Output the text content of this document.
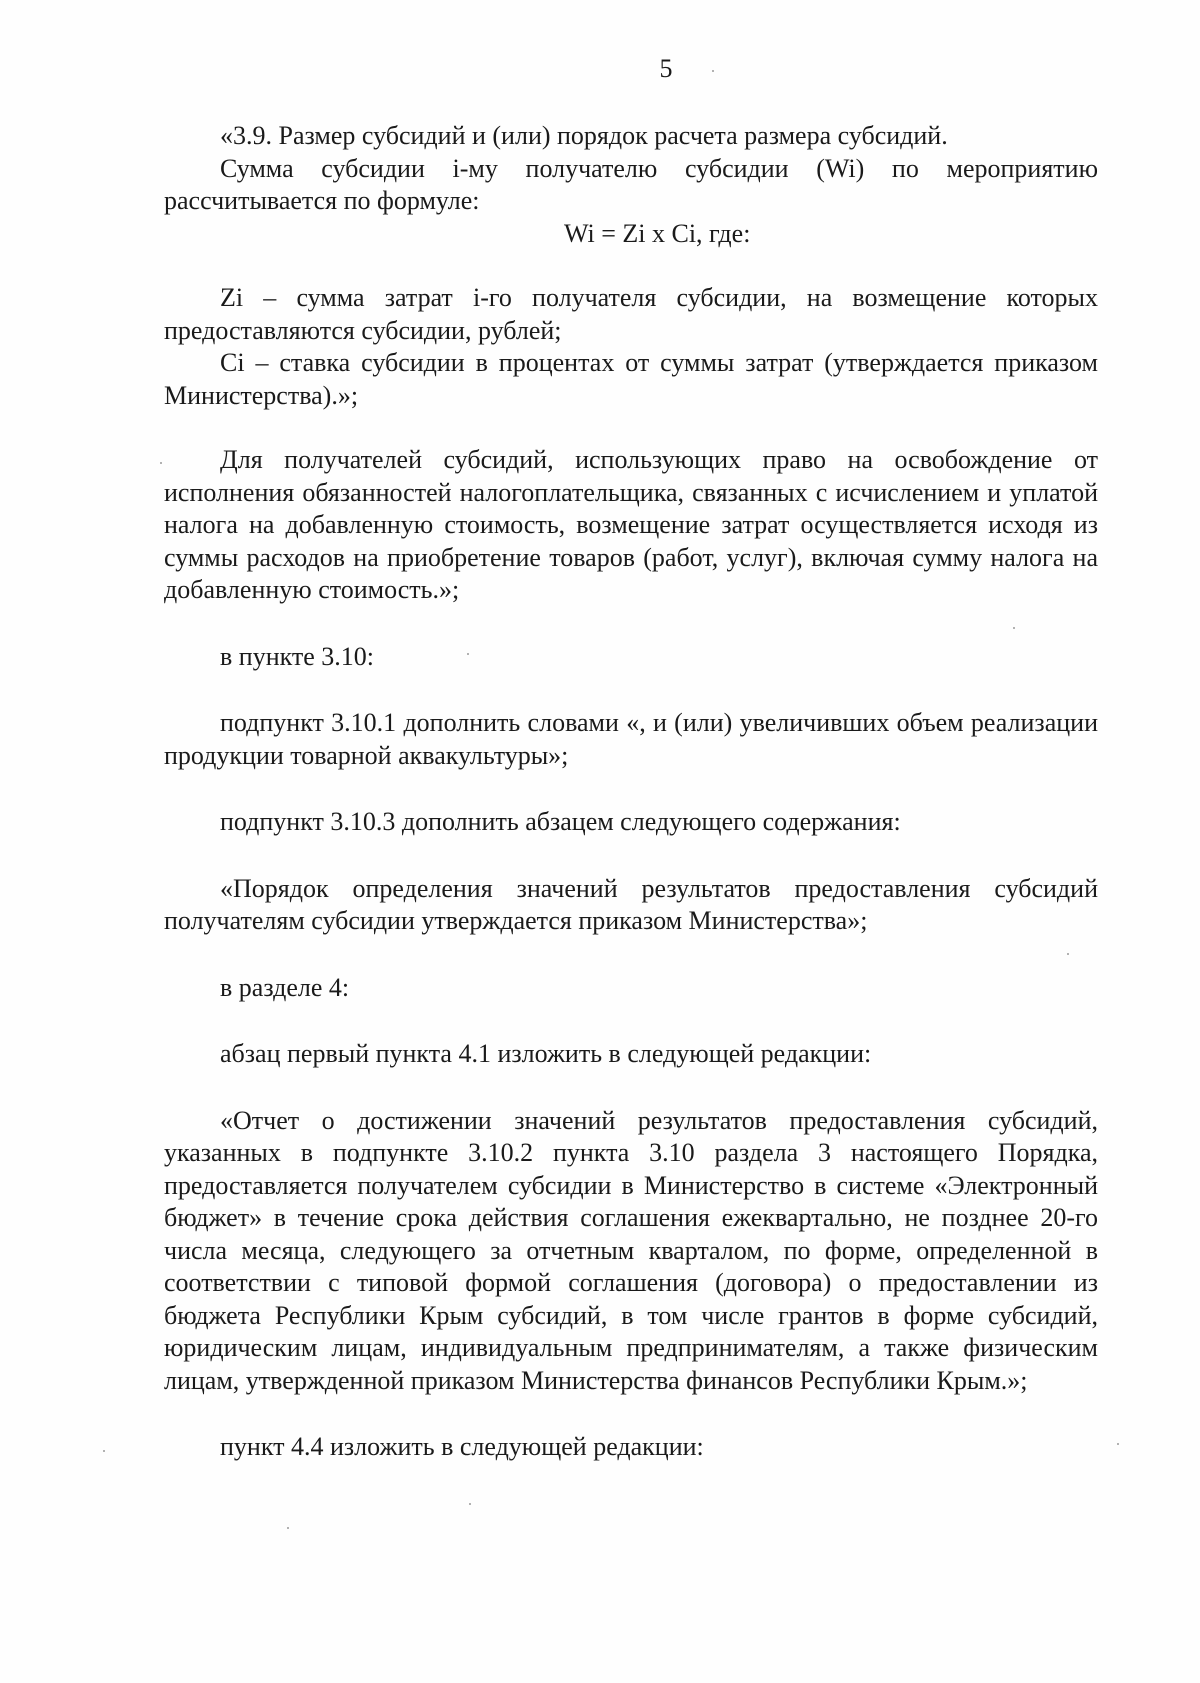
5

«3.9. Размер субсидий и (или) порядок расчета размера субсидий.

Сумма субсидии i-му получателю субсидии (Wi) по мероприятию рассчитывается по формуле:

Wi = Zi x Ci, где:

Zi – сумма затрат i-го получателя субсидии, на возмещение которых предоставляются субсидии, рублей;

Ci – ставка субсидии в процентах от суммы затрат (утверждается приказом Министерства).»;

Для получателей субсидий, использующих право на освобождение от исполнения обязанностей налогоплательщика, связанных с исчислением и уплатой налога на добавленную стоимость, возмещение затрат осуществляется исходя из суммы расходов на приобретение товаров (работ, услуг), включая сумму налога на добавленную стоимость.»;

в пункте 3.10:

подпункт 3.10.1 дополнить словами «, и (или) увеличивших объем реализации продукции товарной аквакультуры»;

подпункт 3.10.3 дополнить абзацем следующего содержания:

«Порядок определения значений результатов предоставления субсидий получателям субсидии утверждается приказом Министерства»;

в разделе 4:

абзац первый пункта 4.1 изложить в следующей редакции:

«Отчет о достижении значений результатов предоставления субсидий, указанных в подпункте 3.10.2 пункта 3.10 раздела 3 настоящего Порядка, предоставляется получателем субсидии в Министерство в системе «Электронный бюджет» в течение срока действия соглашения ежеквартально, не позднее 20-го числа месяца, следующего за отчетным кварталом, по форме, определенной в соответствии с типовой формой соглашения (договора) о предоставлении из бюджета Республики Крым субсидий, в том числе грантов в форме субсидий, юридическим лицам, индивидуальным предпринимателям, а также физическим лицам, утвержденной приказом Министерства финансов Республики Крым.»;

пункт 4.4 изложить в следующей редакции:
